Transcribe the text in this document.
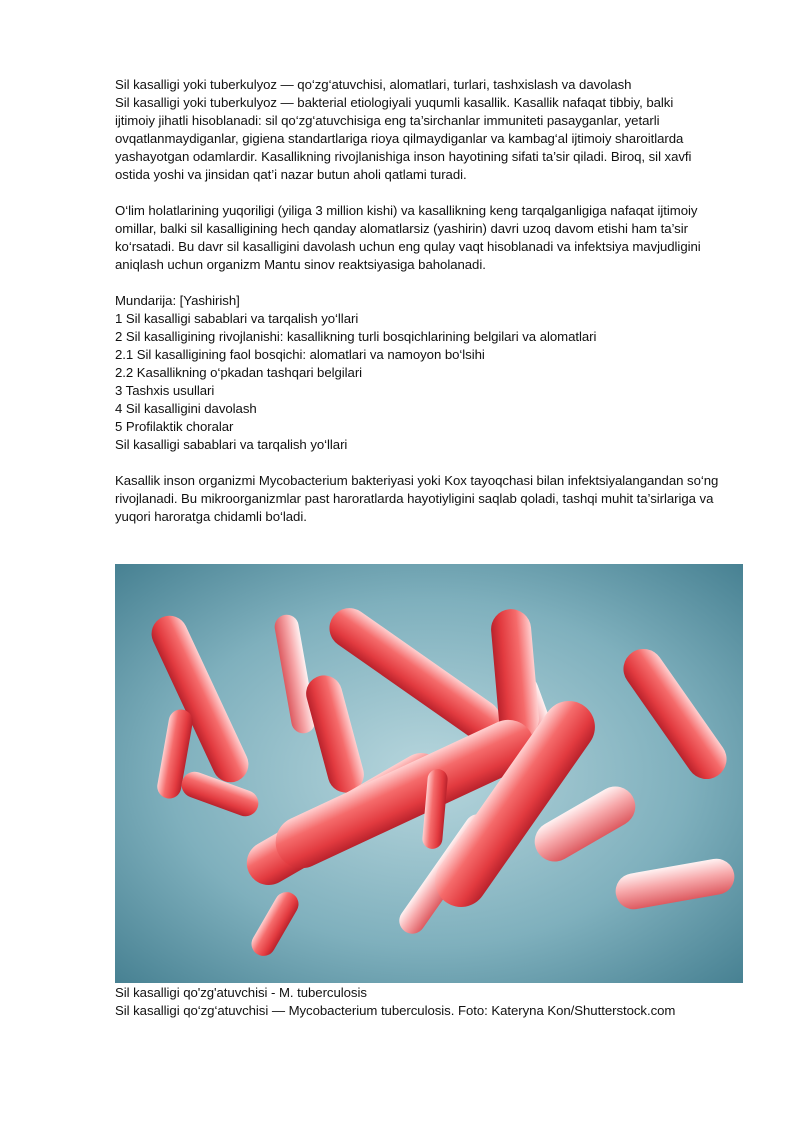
Sil kasalligi yoki tuberkulyoz — qo‘zg‘atuvchisi, alomatlari, turlari, tashxislash va davolash
Sil kasalligi yoki tuberkulyoz — bakterial etiologiyali yuqumli kasallik. Kasallik nafaqat tibbiy, balki
ijtimoiy jihatli hisoblanadi: sil qo‘zg‘atuvchisiga eng ta’sirchanlar immuniteti pasayganlar, yetarli
ovqatlanmaydiganlar, gigiena standartlariga rioya qilmaydiganlar va kambag‘al ijtimoiy sharoitlarda
yashayotgan odamlardir. Kasallikning rivojlanishiga inson hayotining sifati ta’sir qiladi. Biroq, sil xavfi
ostida yoshi va jinsidan qat’i nazar butun aholi qatlami turadi.
O‘lim holatlarining yuqoriligi (yiliga 3 million kishi) va kasallikning keng tarqalganligiga nafaqat ijtimoiy
omillar, balki sil kasalligining hech qanday alomatlarsiz (yashirin) davri uzoq davom etishi ham ta’sir
ko‘rsatadi. Bu davr sil kasalligini davolash uchun eng qulay vaqt hisoblanadi va infektsiya mavjudligini
aniqlash uchun organizm Mantu sinov reaktsiyasiga baholanadi.
Mundarija: [Yashirish]
1 Sil kasalligi sabablari va tarqalish yo‘llari
2 Sil kasalligining rivojlanishi: kasallikning turli bosqichlarining belgilari va alomatlari
2.1 Sil kasalligining faol bosqichi: alomatlari va namoyon bo‘lsihi
2.2 Kasallikning o‘pkadan tashqari belgilari
3 Tashxis usullari
4 Sil kasalligini davolash
5 Profilaktik choralar
Sil kasalligi sabablari va tarqalish yo‘llari
Kasallik inson organizmi Mycobacterium bakteriyasi yoki Kox tayoqchasi bilan infektsiyalangandan so‘ng
rivojlanadi. Bu mikroorganizmlar past haroratlarda hayotiyligini saqlab qoladi, tashqi muhit ta’sirlariga va
yuqori haroratga chidamli bo‘ladi.
Sil kasalligi qo'zg'atuvchisi - M. tuberculosis
Sil kasalligi qo‘zg‘atuvchisi — Mycobacterium tuberculosis. Foto: Kateryna Kon/Shutterstock.com
